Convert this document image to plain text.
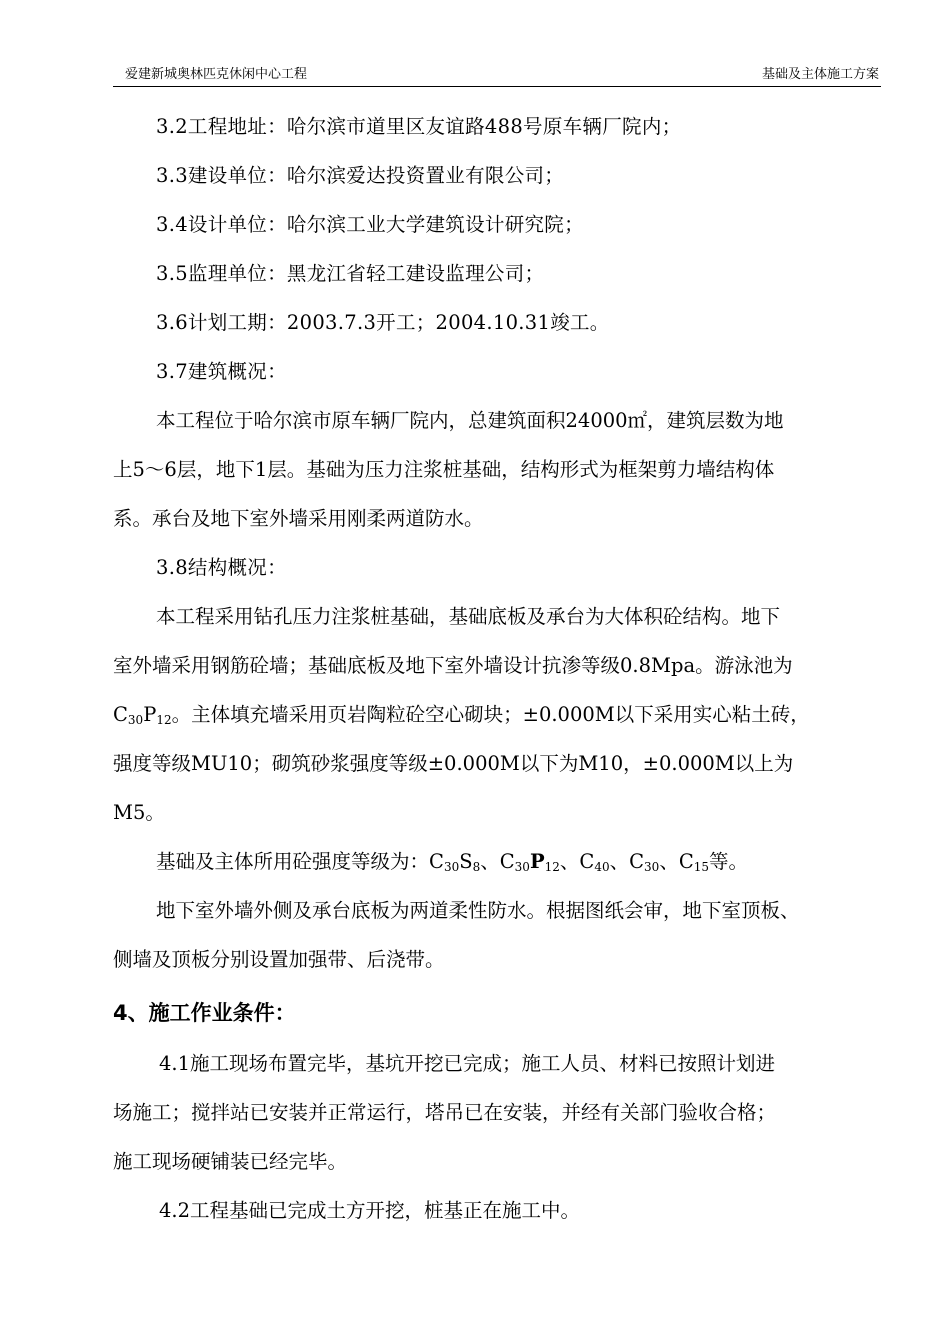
爱建新城奥林匹克休闲中心工程	基础及主体施工方案
3.2工程地址：哈尔滨市道里区友谊路488号原车辆厂院内；
3.3建设单位：哈尔滨爱达投资置业有限公司；
3.4设计单位：哈尔滨工业大学建筑设计研究院；
3.5监理单位：黑龙江省轻工建设监理公司；
3.6计划工期：2003.7.3开工；2004.10.31竣工。
3.7建筑概况：
本工程位于哈尔滨市原车辆厂院内，总建筑面积24000㎡，建筑层数为地
上5～6层，地下1层。基础为压力注浆桩基础，结构形式为框架剪力墙结构体
系。承台及地下室外墙采用刚柔两道防水。
3.8结构概况：
本工程采用钻孔压力注浆桩基础，基础底板及承台为大体积砼结构。地下
室外墙采用钢筋砼墙；基础底板及地下室外墙设计抗渗等级0.8Mpa。游泳池为
$C_{30}P_{12}$。主体填充墙采用页岩陶粒砼空心砌块；±0.000M以下采用实心粘土砖，
强度等级MU10；砌筑砂浆强度等级±0.000M以下为M10，±0.000M以上为
M5。
基础及主体所用砼强度等级为：$C_{30}S_8$、$C_{30}P_{12}$、$C_{40}$、$C_{30}$、$C_{15}$等。
地下室外墙外侧及承台底板为两道柔性防水。根据图纸会审，地下室顶板、
侧墙及顶板分别设置加强带、后浇带。
4、施工作业条件：
4.1施工现场布置完毕，基坑开挖已完成；施工人员、材料已按照计划进
场施工；搅拌站已安装并正常运行，塔吊已在安装，并经有关部门验收合格；
施工现场硬铺装已经完毕。
4.2工程基础已完成土方开挖，桩基正在施工中。
